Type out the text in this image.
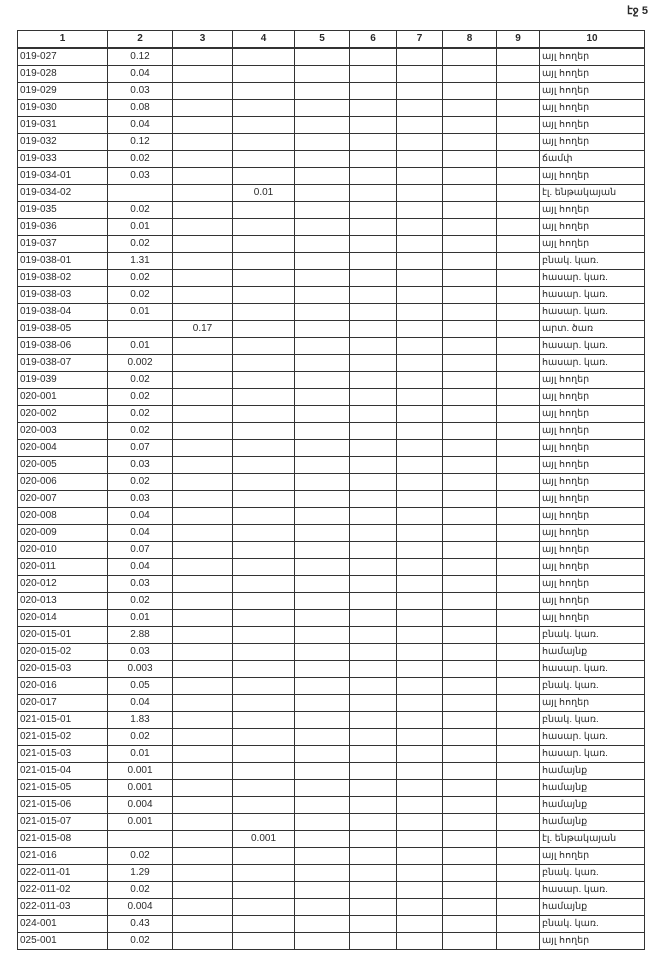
էջ 5
1	2	3	4	5	6	7	8	9	10
019-027	0.12								այլ հողեր
019-028	0.04								այլ հողեր
019-029	0.03								այլ հողեր
019-030	0.08								այլ հողեր
019-031	0.04								այլ հողեր
019-032	0.12								այլ հողեր
019-033	0.02								ճամփ
019-034-01	0.03								այլ հողեր
019-034-02			0.01						էլ. ենթակայան
019-035	0.02								այլ հողեր
019-036	0.01								այլ հողեր
019-037	0.02								այլ հողեր
019-038-01	1.31								բնակ. կառ.
019-038-02	0.02								հասար. կառ.
019-038-03	0.02								հասար. կառ.
019-038-04	0.01								հասար. կառ.
019-038-05		0.17							արտ. ծառ
019-038-06	0.01								հասար. կառ.
019-038-07	0.002								հասար. կառ.
019-039	0.02								այլ հողեր
020-001	0.02								այլ հողեր
020-002	0.02								այլ հողեր
020-003	0.02								այլ հողեր
020-004	0.07								այլ հողեր
020-005	0.03								այլ հողեր
020-006	0.02								այլ հողեր
020-007	0.03								այլ հողեր
020-008	0.04								այլ հողեր
020-009	0.04								այլ հողեր
020-010	0.07								այլ հողեր
020-011	0.04								այլ հողեր
020-012	0.03								այլ հողեր
020-013	0.02								այլ հողեր
020-014	0.01								այլ հողեր
020-015-01	2.88								բնակ. կառ.
020-015-02	0.03								համայնք
020-015-03	0.003								հասար. կառ.
020-016	0.05								բնակ. կառ.
020-017	0.04								այլ հողեր
021-015-01	1.83								բնակ. կառ.
021-015-02	0.02								հասար. կառ.
021-015-03	0.01								հասար. կառ.
021-015-04	0.001								համայնք
021-015-05	0.001								համայնք
021-015-06	0.004								համայնք
021-015-07	0.001								համայնք
021-015-08			0.001						էլ. ենթակայան
021-016	0.02								այլ հողեր
022-011-01	1.29								բնակ. կառ.
022-011-02	0.02								հասար. կառ.
022-011-03	0.004								համայնք
024-001	0.43								բնակ. կառ.
025-001	0.02								այլ հողեր
